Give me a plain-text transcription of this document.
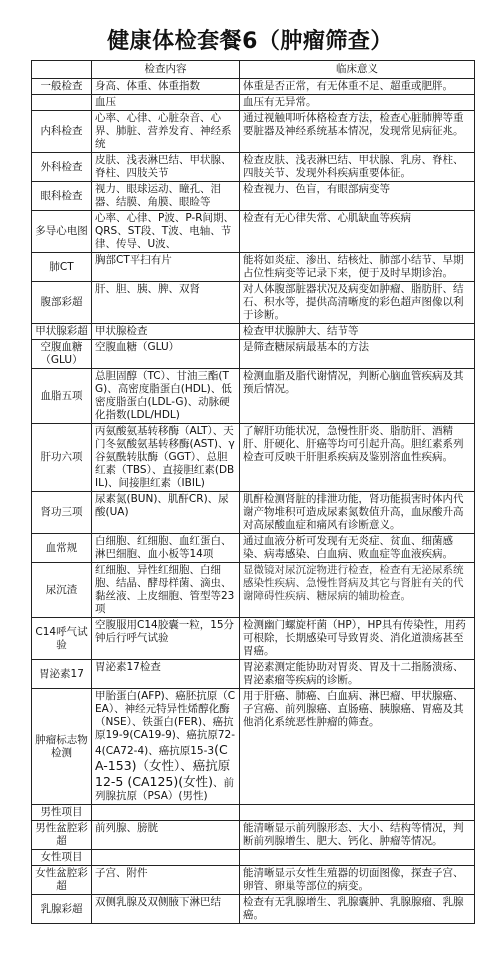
健康体检套餐6（肿瘤筛查）
	检查内容	临床意义
一般检查	身高、体重、体重指数	体重是否正常，有无体重不足、超重或肥胖。
	血压	血压有无异常。
内科检查	心率、心律、心脏杂音、心界、肺脏、营养发育、神经系统	通过视触叩听体格检查方法，检查心脏肺脾等重要脏器及神经系统基本情况，发现常见病征兆。
外科检查	皮肤、浅表淋巴结、甲状腺、脊柱、四肢关节	检查皮肤、浅表淋巴结、甲状腺、乳房、脊柱、四肢关节、发现外科疾病重要体征。
眼科检查	视力、眼球运动、瞳孔、泪器、结膜、角膜、眼睑等	检查视力、色盲，有眼部病变等
多导心电图	心率、心律、P波、P-R间期、QRS、ST段、T波、电轴、节律、传导、U波、	检查有无心律失常、心肌缺血等疾病
肺CT	胸部CT平扫有片	能将如炎症、渗出、结核灶、肺部小结节、早期占位性病变等记录下来，便于及时早期诊治。
腹部彩超	肝、胆、胰、脾、双肾	对人体腹部脏器状况及病变如肿瘤、脂肪肝、结石、积水等，提供高清晰度的彩色超声图像以利于诊断。
甲状腺彩超	甲状腺检查	检查甲状腺肿大、结节等
空腹血糖（GLU）	空腹血糖（GLU）	是筛查糖尿病最基本的方法
血脂五项	总胆固醇（TC）、甘油三酯(TG)、高密度脂蛋白(HDL)、低密度脂蛋白(LDL-G)、动脉硬化指数(LDL/HDL)	检测血脂及脂代谢情况，判断心脑血管疾病及其预后情况。
肝功六项	丙氨酸氨基转移酶（ALT）、天门冬氨酸氨基转移酶(AST)、γ谷氨酰转肽酶（GGT）、总胆红素（TBS）、直接胆红素(DBIL)、间接胆红素（IBIL)	了解肝功能状况，急慢性肝炎、脂肪肝、酒精肝、肝硬化、肝癌等均可引起升高。胆红素系列检查可反映干肝胆系疾病及鉴别溶血性疾病。
肾功三项	尿素氮(BUN)、肌酐CR)、尿酸(UA)	肌酐检测肾脏的排泄功能，肾功能损害时体内代谢产物堆积可造成尿素氮数值升高，血尿酸升高对高尿酸血症和痛风有诊断意义。
血常规	白细胞、红细胞、血红蛋白、淋巴细胞、血小板等14项	通过血液分析可发现有无炎症、贫血、细菌感染、病毒感染、白血病、败血症等血液疾病。
尿沉渣	红细胞、异性红细胞、白细胞、结晶、酵母样菌、滴虫、黏丝液、上皮细胞、管型等23项	显微镜对尿沉淀物进行检查，检查有无泌尿系统感染性疾病、急慢性肾病及其它与肾脏有关的代谢障碍性疾病、糖尿病的辅助检查。
C14呼气试验	空腹服用C14胶囊一粒，15分钟后行呼气试验	检测幽门螺旋杆菌（HP），HP具有传染性，用药可根除，长期感染可导致胃炎、消化道溃疡甚至胃癌。
胃泌素17	胃泌素17检查	胃泌素测定能协助对胃炎、胃及十二指肠溃疡、胃泌素瘤等疾病的诊断。
肿瘤标志物检测	甲胎蛋白(AFP)、癌胚抗原（CEA）、神经元特异性烯醇化酶（NSE）、铁蛋白(FER)、癌抗原19-9(CA19-9)、癌抗原72-4(CA72-4)、癌抗原15-3(CA-153)（女性）、癌抗原12-5 (CA125)(女性)、前列腺抗原（PSA）(男性)	用于肝癌、肺癌、白血病、淋巴瘤、甲状腺癌、子宫癌、前列腺癌、直肠癌、胰腺癌、胃癌及其他消化系统恶性肿瘤的筛查。
男性项目		
男性盆腔彩超	前列腺、膀胱	能清晰显示前列腺形态、大小、结构等情况，判断前列腺增生、肥大、钙化、肿瘤等情况。
女性项目		
女性盆腔彩超	子宫、附件	能清晰显示女性生殖器的切面图像，探查子宫、卵管、卵巢等部位的病变。
乳腺彩超	双侧乳腺及双侧腋下淋巴结	检查有无乳腺增生、乳腺囊肿、乳腺腺瘤、乳腺癌。
